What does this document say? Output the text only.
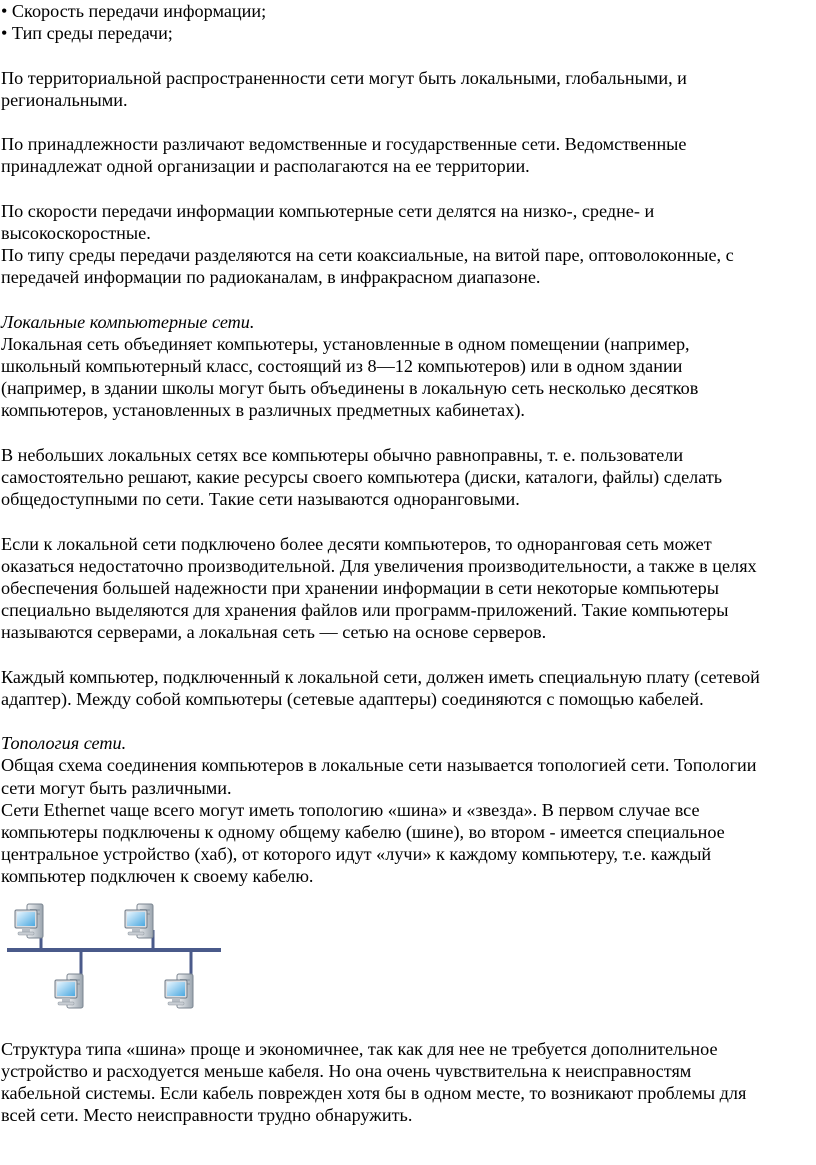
• Скорость передачи информации;
• Тип среды передачи;
По территориальной распространенности сети могут быть локальными, глобальными, и
региональными.
По принадлежности различают ведомственные и государственные сети. Ведомственные
принадлежат одной организации и располагаются на ее территории.
По скорости передачи информации компьютерные сети делятся на низко-, средне- и
высокоскоростные.
По типу среды передачи разделяются на сети коаксиальные, на витой паре, оптоволоконные, с
передачей информации по радиоканалам, в инфракрасном диапазоне.
Локальные компьютерные сети.
Локальная сеть объединяет компьютеры, установленные в одном помещении (например,
школьный компьютерный класс, состоящий из 8—12 компьютеров) или в одном здании
(например, в здании школы могут быть объединены в локальную сеть несколько десятков
компьютеров, установленных в различных предметных кабинетах).
В небольших локальных сетях все компьютеры обычно равноправны, т. е. пользователи
самостоятельно решают, какие ресурсы своего компьютера (диски, каталоги, файлы) сделать
общедоступными по сети. Такие сети называются одноранговыми.
Если к локальной сети подключено более десяти компьютеров, то одноранговая сеть может
оказаться недостаточно производительной. Для увеличения производительности, а также в целях
обеспечения большей надежности при хранении информации в сети некоторые компьютеры
специально выделяются для хранения файлов или программ-приложений. Такие компьютеры
называются серверами, а локальная сеть — сетью на основе серверов.
Каждый компьютер, подключенный к локальной сети, должен иметь специальную плату (сетевой
адаптер). Между собой компьютеры (сетевые адаптеры) соединяются с помощью кабелей.
Топология сети.
Общая схема соединения компьютеров в локальные сети называется топологией сети. Топологии
сети могут быть различными.
Сети Ethernet чаще всего могут иметь топологию «шина» и «звезда». В первом случае все
компьютеры подключены к одному общему кабелю (шине), во втором - имеется специальное
центральное устройство (хаб), от которого идут «лучи» к каждому компьютеру, т.е. каждый
компьютер подключен к своему кабелю.
Структура типа «шина» проще и экономичнее, так как для нее не требуется дополнительное
устройство и расходуется меньше кабеля. Но она очень чувствительна к неисправностям
кабельной системы. Если кабель поврежден хотя бы в одном месте, то возникают проблемы для
всей сети. Место неисправности трудно обнаружить.
